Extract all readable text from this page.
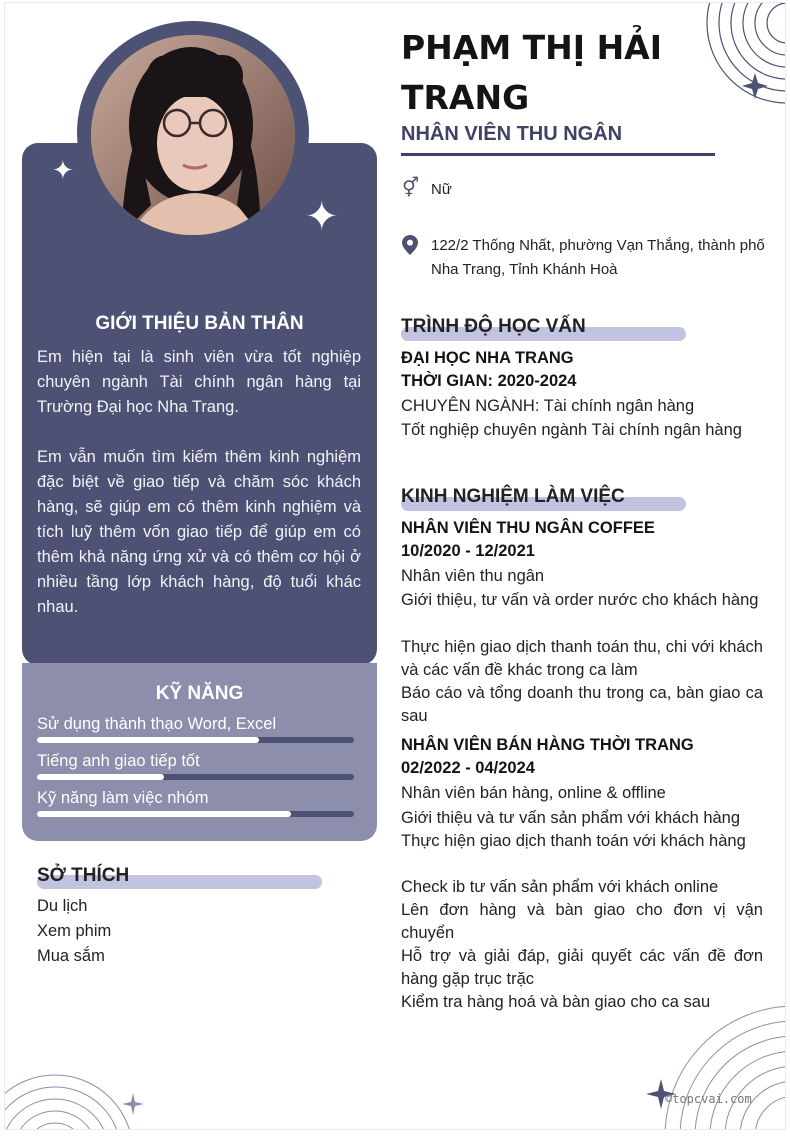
✦
✦
GIỚI THIỆU BẢN THÂN

Em hiện tại là sinh viên vừa tốt nghiệp chuyên ngành Tài chính ngân hàng tại Trường Đại học Nha Trang.

Em vẫn muốn tìm kiếm thêm kinh nghiệm đặc biệt về giao tiếp và chăm sóc khách hàng, sẽ giúp em có thêm kinh nghiệm và tích luỹ thêm vốn giao tiếp để giúp em có thêm khả năng ứng xử và có thêm cơ hội ở nhiều tầng lớp khách hàng, độ tuổi khác nhau.

KỸ NĂNG
Sử dụng thành thạo Word, Excel
Tiếng anh giao tiếp tốt
Kỹ năng làm việc nhóm
SỞ THÍCH
Du lịch
Xem phim
Mua sắm
PHẠM THỊ HẢI TRANG
NHÂN VIÊN THU NGÂN
⚥ Nữ
122/2 Thống Nhất, phường Vạn Thắng, thành phố Nha Trang, Tỉnh Khánh Hoà
TRÌNH ĐỘ HỌC VẤN
ĐẠI HỌC NHA TRANG
THỜI GIAN: 2020-2024
CHUYÊN NGÀNH: Tài chính ngân hàng
Tốt nghiệp chuyên ngành Tài chính ngân hàng
KINH NGHIỆM LÀM VIỆC
NHÂN VIÊN THU NGÂN COFFEE
10/2020 - 12/2021
Nhân viên thu ngân
Giới thiệu, tư vấn và order nước cho khách hàng
Thực hiện giao dịch thanh toán thu, chi với khách và các vấn đề khác trong ca làm
Báo cáo và tổng doanh thu trong ca, bàn giao ca sau
NHÂN VIÊN BÁN HÀNG THỜI TRANG
02/2022 - 04/2024
Nhân viên bán hàng, online & offline
Giới thiệu và tư vấn sản phẩm với khách hàng
Thực hiện giao dịch thanh toán với khách hàng
Check ib tư vấn sản phẩm với khách online
Lên đơn hàng và bàn giao cho đơn vị vận chuyển
Hỗ trợ và giải đáp, giải quyết các vấn đề đơn hàng gặp trục trặc
Kiểm tra hàng hoá và bàn giao cho ca sau
©topcvai.com
